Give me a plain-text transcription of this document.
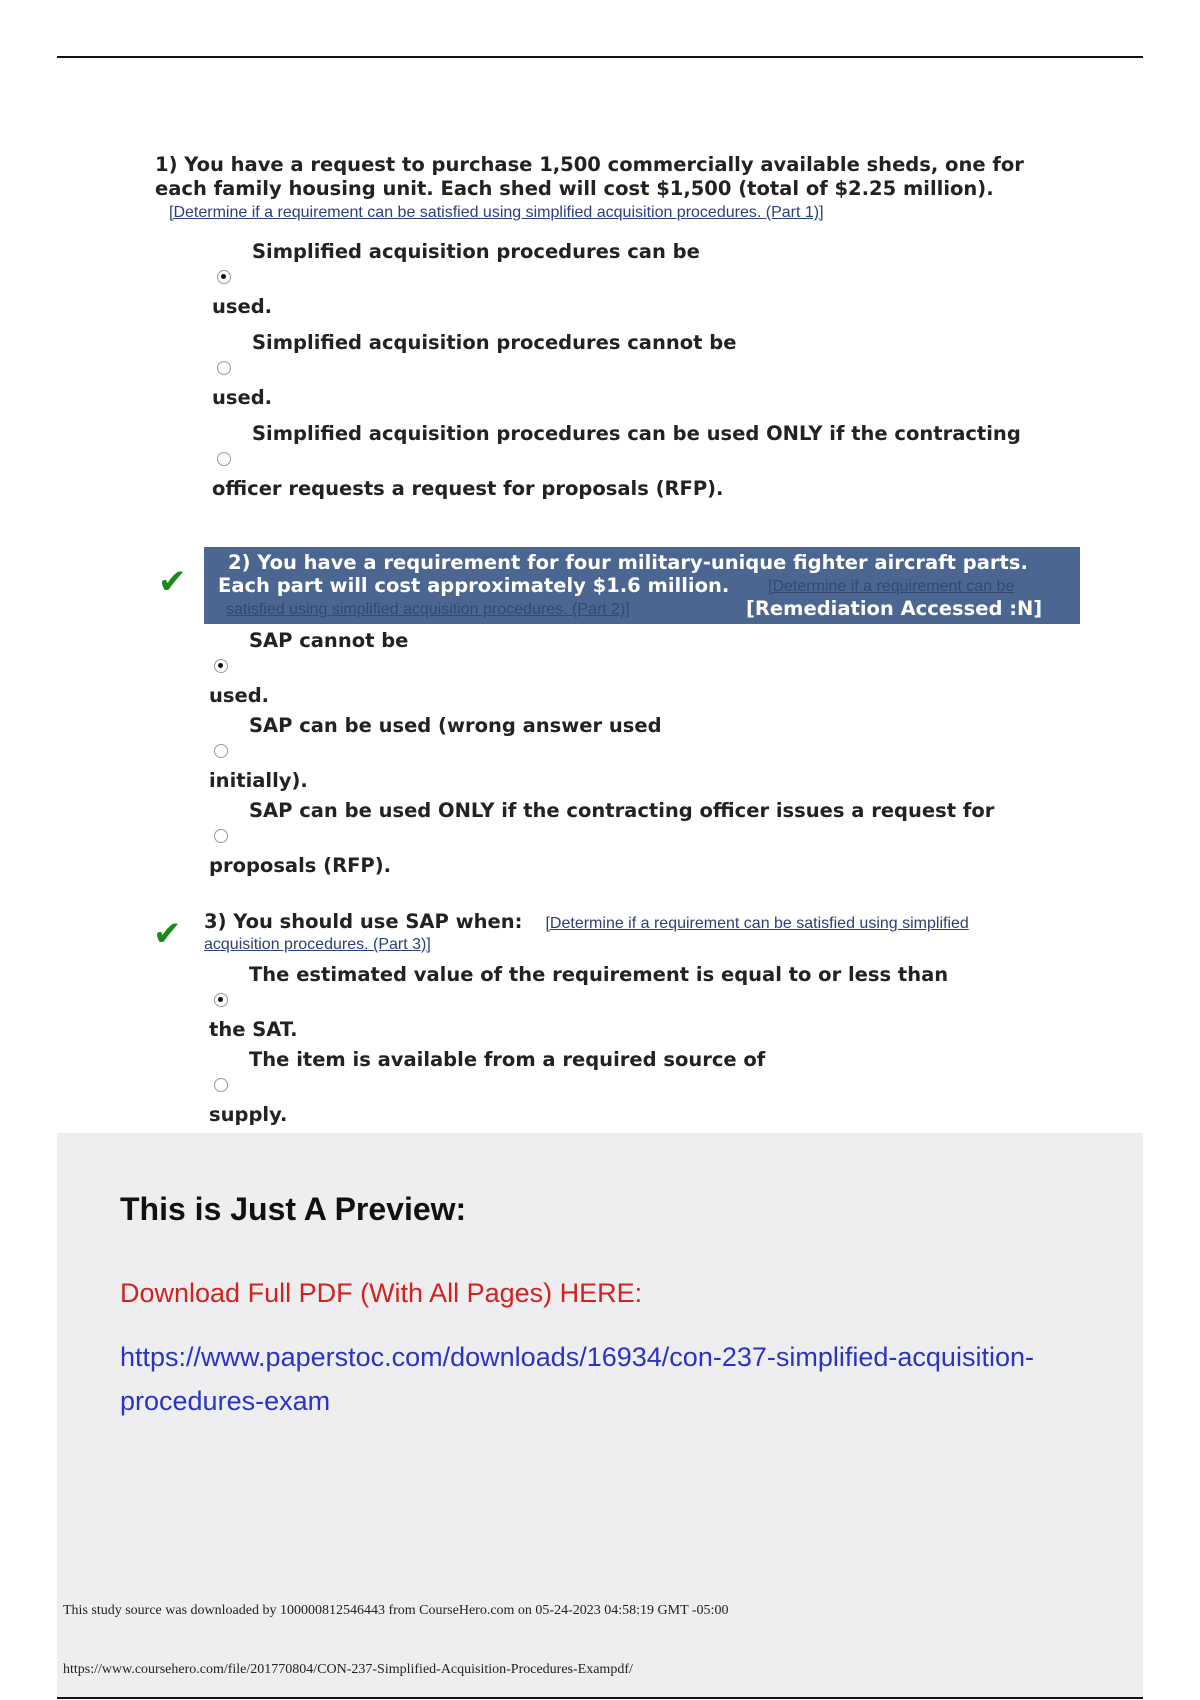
1) You have a request to purchase 1,500 commercially available sheds, one for
each family housing unit. Each shed will cost $1,500 (total of $2.25 million).
[Determine if a requirement can be satisfied using simplified acquisition procedures. (Part 1)]
Simplified acquisition procedures can be
used.
Simplified acquisition procedures cannot be
used.
Simplified acquisition procedures can be used ONLY if the contracting
officer requests a request for proposals (RFP).
✔ 2) You have a requirement for four military-unique fighter aircraft parts.
Each part will cost approximately $1.6 million. [Determine if a requirement can be
satisfied using simplified acquisition procedures. (Part 2)]	[Remediation Accessed :N]
SAP cannot be
used.
SAP can be used (wrong answer used
initially).
SAP can be used ONLY if the contracting officer issues a request for
proposals (RFP).
✔ 3) You should use SAP when: [Determine if a requirement can be satisfied using simplified
acquisition procedures. (Part 3)]
The estimated value of the requirement is equal to or less than
the SAT.
The item is available from a required source of
supply.
This is Just A Preview:
Download Full PDF (With All Pages) HERE:
https://www.paperstoc.com/downloads/16934/con-237-simplified-acquisition-
procedures-exam
This study source was downloaded by 100000812546443 from CourseHero.com on 05-24-2023 04:58:19 GMT -05:00
https://www.coursehero.com/file/201770804/CON-237-Simplified-Acquisition-Procedures-Exampdf/
